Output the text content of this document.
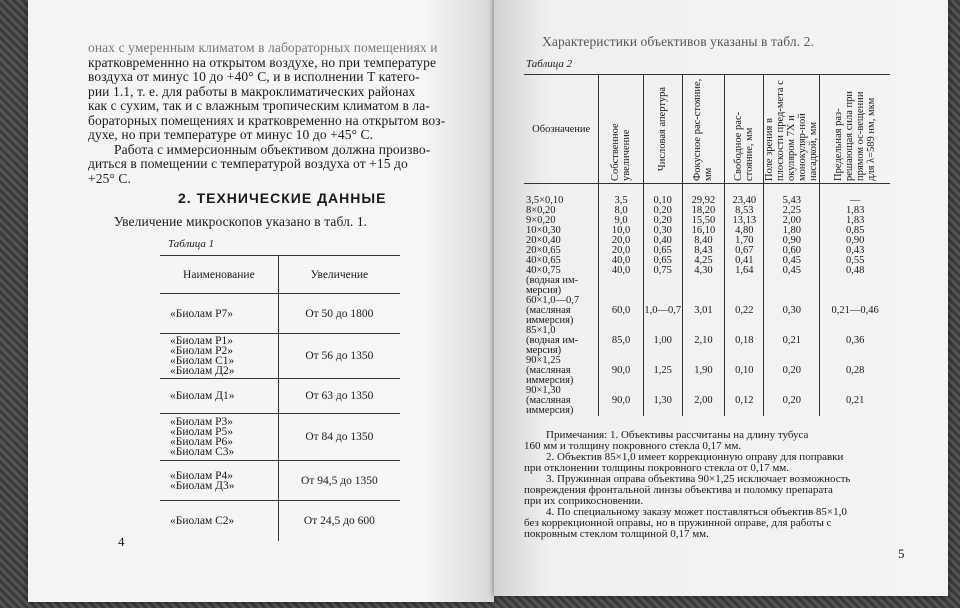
онах с умеренным климатом в лабораторных помещениях и
кратковременнно на открытом воздухе, но при температуре
воздуха от минус 10 до +40° C, и в исполнении T катего-
рии 1.1, т. е. для работы в макроклиматических районах
как с сухим, так и с влажным тропическим климатом в ла-
бораторных помещениях и кратковременно на открытом воз-
духе, но при температуре от минус 10 до +45° C.
Работа с иммерсионным объективом должна произво-
диться в помещении с температурой воздуха от +15 до
+25° C.
2. ТЕХНИЧЕСКИЕ ДАННЫЕ
Увеличение микроскопов указано в табл. 1.
Таблица 1
Наименование	Увеличение

«Биолам Р7»	От 50 до 1800

«Биолам Р1»
«Биолам Р2»
«Биолам С1»
«Биолам Д2»	От 56 до 1350

«Биолам Д1»	От 63 до 1350

«Биолам Р3»
«Биолам Р5»
«Биолам Р6»
«Биолам С3»	От 84 до 1350

«Биолам Р4»
«Биолам Д3»	От 94,5 до 1350

«Биолам С2»	От 24,5 до 600
4
Характеристики объективов указаны в табл. 2.
Таблица 2
Обозначение	Собственное увеличение	Числовая апертура	Фокусное рас-стояние, мм	Свободное рас-стояние, мм	Поле зрения в плоскости пред-мета с окуляром 7Х и монокуляр-ной насадкой, мм	Предельная раз-решающая сила при прямом ос-вещении для λ=589 нм, мкм

3,5×0,10	3,5	0,10	29,92	23,40	5,43	—

8×0,20	8,0	0,20	18,20	8,53	2,25	1,83

9×0,20	9,0	0,20	15,50	13,13	2,00	1,83

10×0,30	10,0	0,30	16,10	4,80	1,80	0,85

20×0,40	20,0	0,40	8,40	1,70	0,90	0,90

20×0,65	20,0	0,65	8,43	0,67	0,60	0,43

40×0,65	40,0	0,65	4,25	0,41	0,45	0,55

40×0,75
(водная им-
мерсия)	40,0	0,75	4,30	1,64	0,45	0,48

60×1,0—0,7
(масляная
иммерсия)	60,0	1,0—0,7	3,01	0,22	0,30	0,21—0,46

85×1,0
(водная им-
мерсия)	85,0	1,00	2,10	0,18	0,21	0,36

90×1,25
(масляная
иммерсия)	90,0	1,25	1,90	0,10	0,20	0,28

90×1,30
(масляная
иммерсия)	90,0	1,30	2,00	0,12	0,20	0,21
Примечания: 1. Объективы рассчитаны на длину тубуса
160 мм и толщину покровного стекла 0,17 мм.
2. Объектив 85×1,0 имеет коррекционную оправу для поправки
при отклонении толщины покровного стекла от 0,17 мм.
3. Пружинная оправа объектива 90×1,25 исключает возможность
повреждения фронтальной линзы объектива и поломку препарата
при их соприкосновении.
4. По специальному заказу может поставляться объектив 85×1,0
без коррекционной оправы, но в пружинной оправе, для работы с
покровным стеклом толщиной 0,17 мм.
5
